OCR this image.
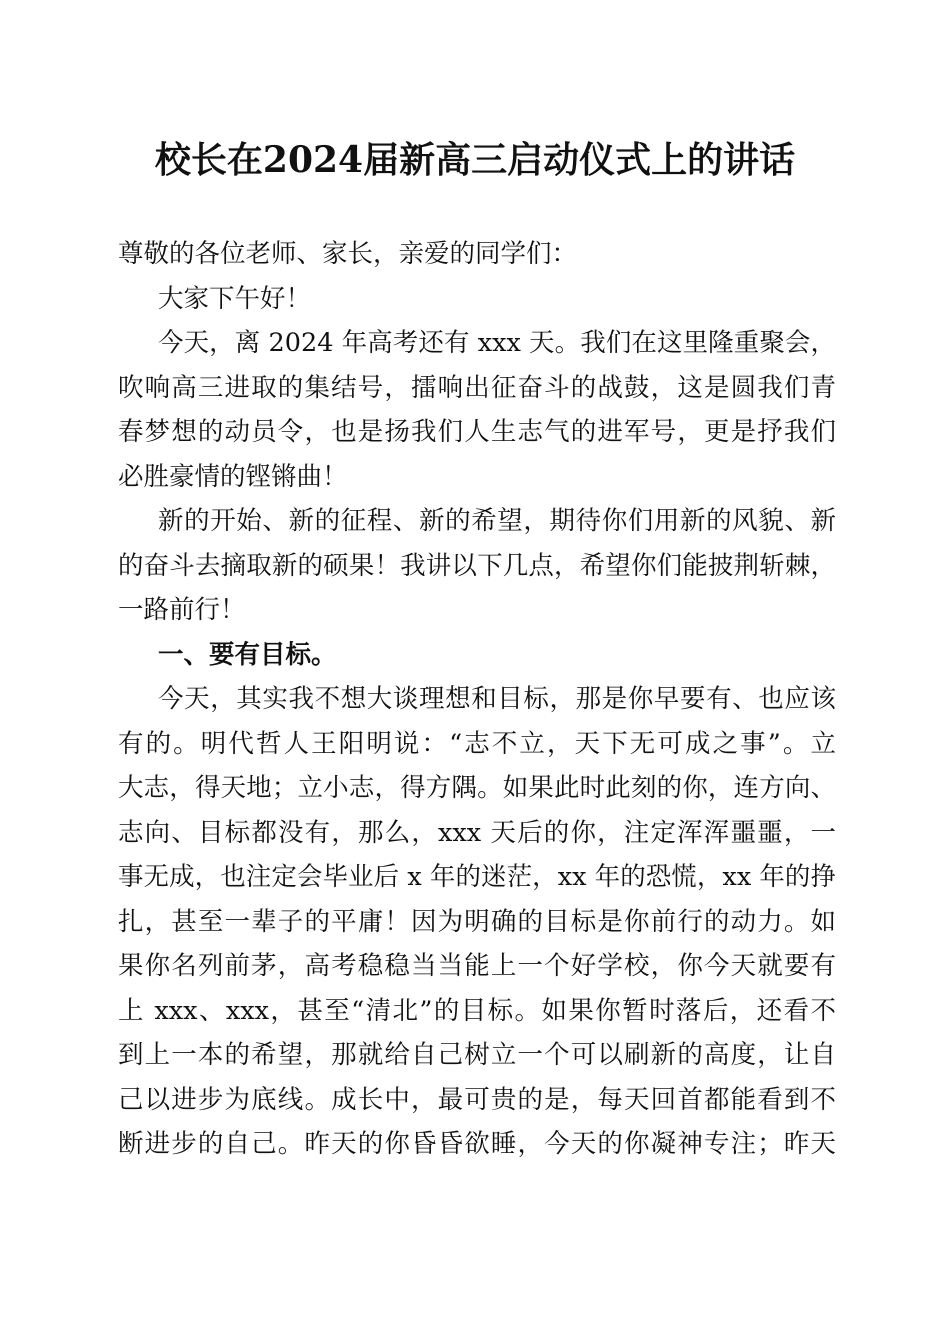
校长在2024届新高三启动仪式上的讲话
尊敬的各位老师、家长，亲爱的同学们：
大家下午好！
今天，离 2024 年高考还有 xxx 天。我们在这里隆重聚会，
吹响高三进取的集结号，擂响出征奋斗的战鼓，这是圆我们青
春梦想的动员令，也是扬我们人生志气的进军号，更是抒我们
必胜豪情的铿锵曲！
新的开始、新的征程、新的希望，期待你们用新的风貌、新
的奋斗去摘取新的硕果！我讲以下几点，希望你们能披荆斩棘，
一路前行！
一、要有目标。
今天，其实我不想大谈理想和目标，那是你早要有、也应该
有的。明代哲人王阳明说：“志不立，天下无可成之事”。立
大志，得天地；立小志，得方隅。如果此时此刻的你，连方向、
志向、目标都没有，那么，xxx 天后的你，注定浑浑噩噩，一
事无成，也注定会毕业后 x 年的迷茫，xx 年的恐慌，xx 年的挣
扎，甚至一辈子的平庸！因为明确的目标是你前行的动力。如
果你名列前茅，高考稳稳当当能上一个好学校，你今天就要有
上 xxx、xxx，甚至“清北”的目标。如果你暂时落后，还看不
到上一本的希望，那就给自己树立一个可以刷新的高度，让自
己以进步为底线。成长中，最可贵的是，每天回首都能看到不
断进步的自己。昨天的你昏昏欲睡，今天的你凝神专注；昨天
